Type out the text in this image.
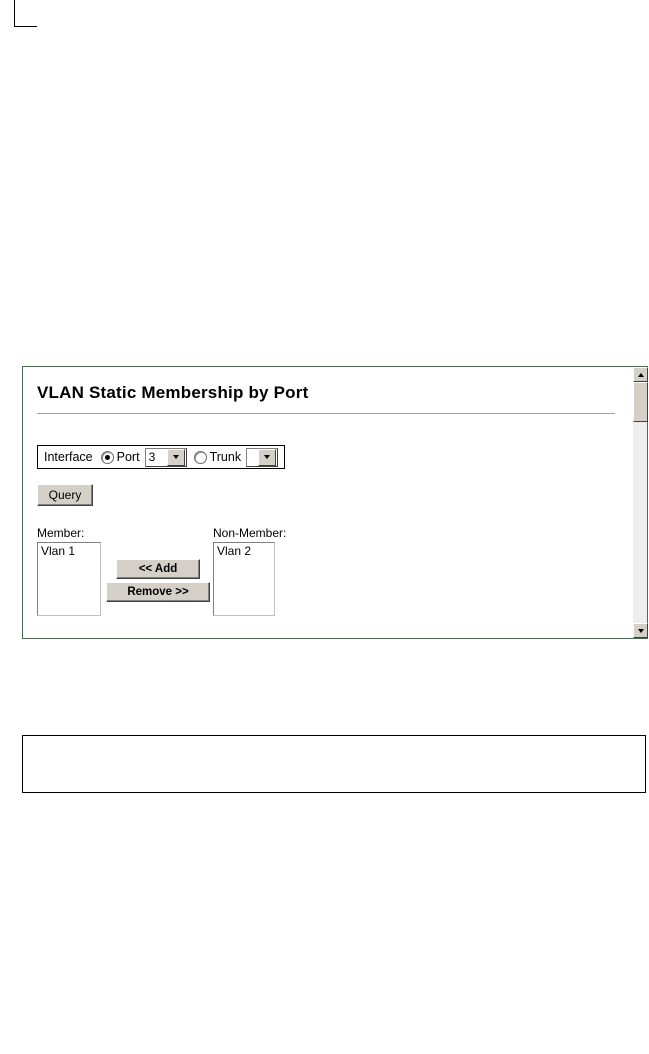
VLAN Static Membership by Port
Interface Port 3	Trunk
Query
Member:	Non-Member:
Vlan 1	Vlan 2
<< Add
Remove >>
